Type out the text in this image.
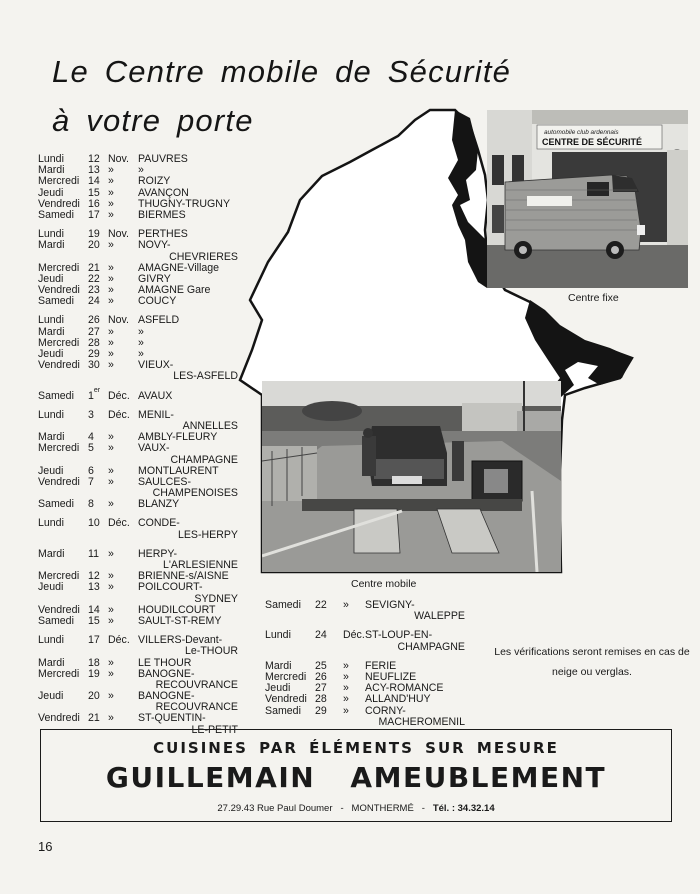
Le Centre mobile de Sécurité
à votre porte
Lundi 12 Nov. PAUVRES
Mardi 13 » »
Mercredi 14 » ROIZY
Jeudi 15 » AVANÇON
Vendredi 16 » THUGNY-TRUGNY
Samedi 17 » BIERMES
Lundi 19 Nov. PERTHES
Mardi 20 » NOVY-
CHEVRIERES
Mercredi 21 » AMAGNE-Village
Jeudi 22 » GIVRY
Vendredi 23 » AMAGNE Gare
Samedi 24 » COUCY
Lundi 26 Nov. ASFELD
Mardi 27 » »
Mercredi 28 » »
Jeudi 29 » »
Vendredi 30 » VIEUX-
LES-ASFELD
Samedi 1er Déc. AVAUX
Lundi 3 Déc. MENIL-
ANNELLES
Mardi 4 » AMBLY-FLEURY
Mercredi 5 » VAUX-
CHAMPAGNE
Jeudi 6 » MONTLAURENT
Vendredi 7 » SAULCES-
CHAMPENOISES
Samedi 8 » BLANZY
Lundi 10 Déc. CONDE-
LES-HERPY
Mardi 11 » HERPY-
L'ARLESIENNE
Mercredi 12 » BRIENNE-s/AISNE
Jeudi 13 » POILCOURT-
SYDNEY
Vendredi 14 » HOUDILCOURT
Samedi 15 » SAULT-ST-REMY
Lundi 17 Déc. VILLERS-Devant-
Le-THOUR
Mardi 18 » LE THOUR
Mercredi 19 » BANOGNE-
RECOUVRANCE
Jeudi 20 » BANOGNE-
RECOUVRANCE
Vendredi 21 » ST-QUENTIN-
LE-PETIT
Samedi 22 » SEVIGNY-
WALEPPE
Lundi 24 Déc. ST-LOUP-EN-
CHAMPAGNE
Mardi 25 » FERIE
Mercredi 26 » NEUFLIZE
Jeudi 27 » ACY-ROMANCE
Vendredi 28 » ALLAND'HUY
Samedi 29 » CORNY-
MACHEROMENIL
automobile club ardennais
CENTRE DE SÉCURITÉ
Centre fixe
Centre mobile
Les vérifications seront remises en cas de neige ou verglas.
CUISINES PAR ÉLÉMENTS SUR MESURE
GUILLEMAIN AMEUBLEMENT
27.29.43 Rue Paul Doumer - MONTHERMÉ - Tél. : 34.32.14
16
